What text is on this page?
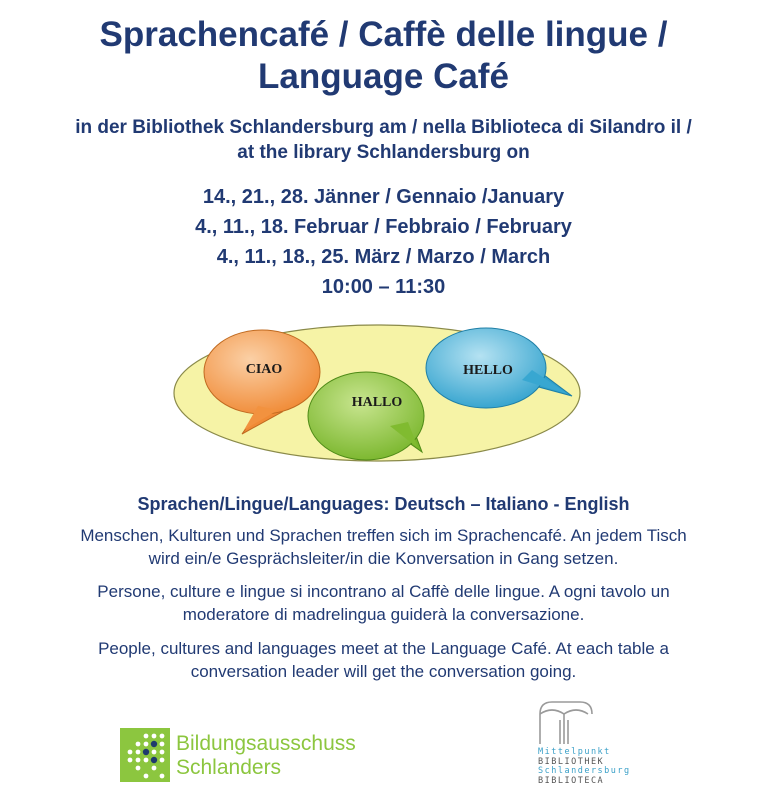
Sprachencafé / Caffè delle lingue /
Language Café
in der Bibliothek Schlandersburg am / nella Biblioteca di Silandro il /
at the library Schlandersburg on
14., 21., 28. Jänner / Gennaio /January
4., 11., 18. Februar / Febbraio / February
4., 11., 18., 25. März / Marzo / March
10:00 – 11:30
CIAO
HALLO
HELLO
Sprachen/Lingue/Languages: Deutsch – Italiano - English
Menschen, Kulturen und Sprachen treffen sich im Sprachencafé. An jedem Tisch
wird ein/e Gesprächsleiter/in die Konversation in Gang setzen.
Persone, culture e lingue si incontrano al Caffè delle lingue. A ogni tavolo un
moderatore di madrelingua guiderà la conversazione.
People, cultures and languages meet at the Language Café. At each table a
conversation leader will get the conversation going.
Bildungsausschuss
Schlanders
Mittelpunkt
BIBLIOTHEK
Schlandersburg
BIBLIOTECA
